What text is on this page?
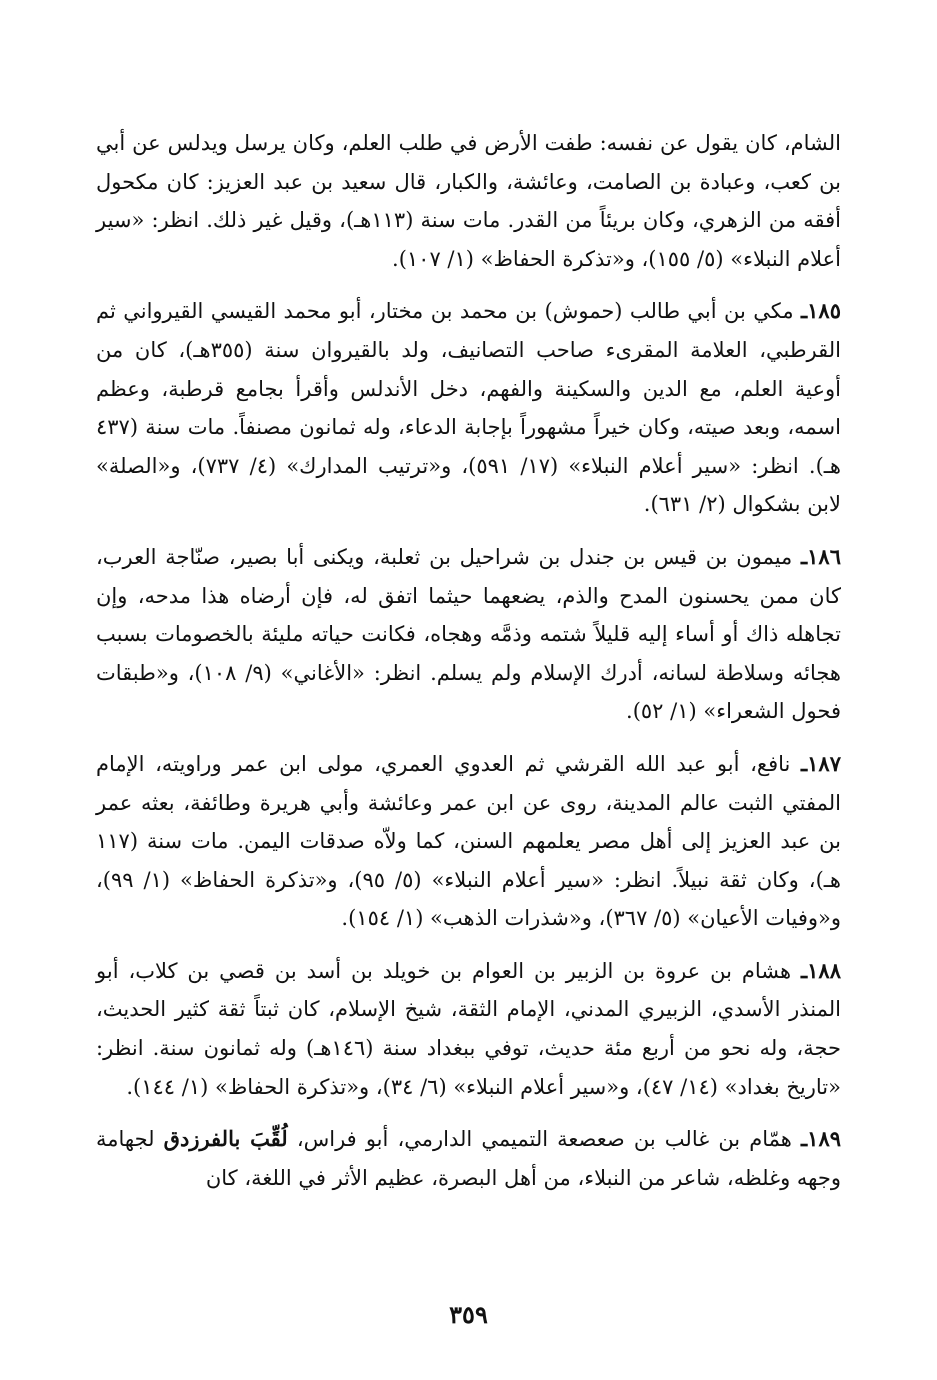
الشام، كان يقول عن نفسه: طفت الأرض في طلب العلم، وكان يرسل ويدلس عن أبي بن كعب، وعبادة بن الصامت، وعائشة، والكبار، قال سعيد بن عبد العزيز: كان مكحول أفقه من الزهري، وكان بريئاً من القدر. مات سنة (١١٣هـ)، وقيل غير ذلك. انظر: «سير أعلام النبلاء» (٥/ ١٥٥)، و«تذكرة الحفاظ» (١/ ١٠٧).

١٨٥ـ مكي بن أبي طالب (حموش) بن محمد بن مختار، أبو محمد القيسي القيرواني ثم القرطبي، العلامة المقرىء صاحب التصانيف، ولد بالقيروان سنة (٣٥٥هـ)، كان من أوعية العلم، مع الدين والسكينة والفهم، دخل الأندلس وأقرأ بجامع قرطبة، وعظم اسمه، وبعد صيته، وكان خيراً مشهوراً بإجابة الدعاء، وله ثمانون مصنفاً. مات سنة (٤٣٧ هـ). انظر: «سير أعلام النبلاء» (١٧/ ٥٩١)، و«ترتيب المدارك» (٤/ ٧٣٧)، و«الصلة» لابن بشكوال (٢/ ٦٣١).

١٨٦ـ ميمون بن قيس بن جندل بن شراحيل بن ثعلبة، ويكنى أبا بصير، صنّاجة العرب، كان ممن يحسنون المدح والذم، يضعهما حيثما اتفق له، فإن أرضاه هذا مدحه، وإن تجاهله ذاك أو أساء إليه قليلاً شتمه وذمَّه وهجاه، فكانت حياته مليئة بالخصومات بسبب هجائه وسلاطة لسانه، أدرك الإسلام ولم يسلم. انظر: «الأغاني» (٩/ ١٠٨)، و«طبقات فحول الشعراء» (١/ ٥٢).

١٨٧ـ نافع، أبو عبد الله القرشي ثم العدوي العمري، مولى ابن عمر وراويته، الإمام المفتي الثبت عالم المدينة، روى عن ابن عمر وعائشة وأبي هريرة وطائفة، بعثه عمر بن عبد العزيز إلى أهل مصر يعلمهم السنن، كما ولاّه صدقات اليمن. مات سنة (١١٧ هـ)، وكان ثقة نبيلاً. انظر: «سير أعلام النبلاء» (٥/ ٩٥)، و«تذكرة الحفاظ» (١/ ٩٩)، و«وفيات الأعيان» (٥/ ٣٦٧)، و«شذرات الذهب» (١/ ١٥٤).

١٨٨ـ هشام بن عروة بن الزبير بن العوام بن خويلد بن أسد بن قصي بن كلاب، أبو المنذر الأسدي، الزبيري المدني، الإمام الثقة، شيخ الإسلام، كان ثبتاً ثقة كثير الحديث، حجة، وله نحو من أربع مئة حديث، توفي ببغداد سنة (١٤٦هـ) وله ثمانون سنة. انظر: «تاريخ بغداد» (١٤/ ٤٧)، و«سير أعلام النبلاء» (٦/ ٣٤)، و«تذكرة الحفاظ» (١/ ١٤٤).

١٨٩ـ همّام بن غالب بن صعصعة التميمي الدارمي، أبو فراس، لُقِّبَ بالفرزدق لجهامة وجهه وغلظه، شاعر من النبلاء، من أهل البصرة، عظيم الأثر في اللغة، كان

٣٥٩
